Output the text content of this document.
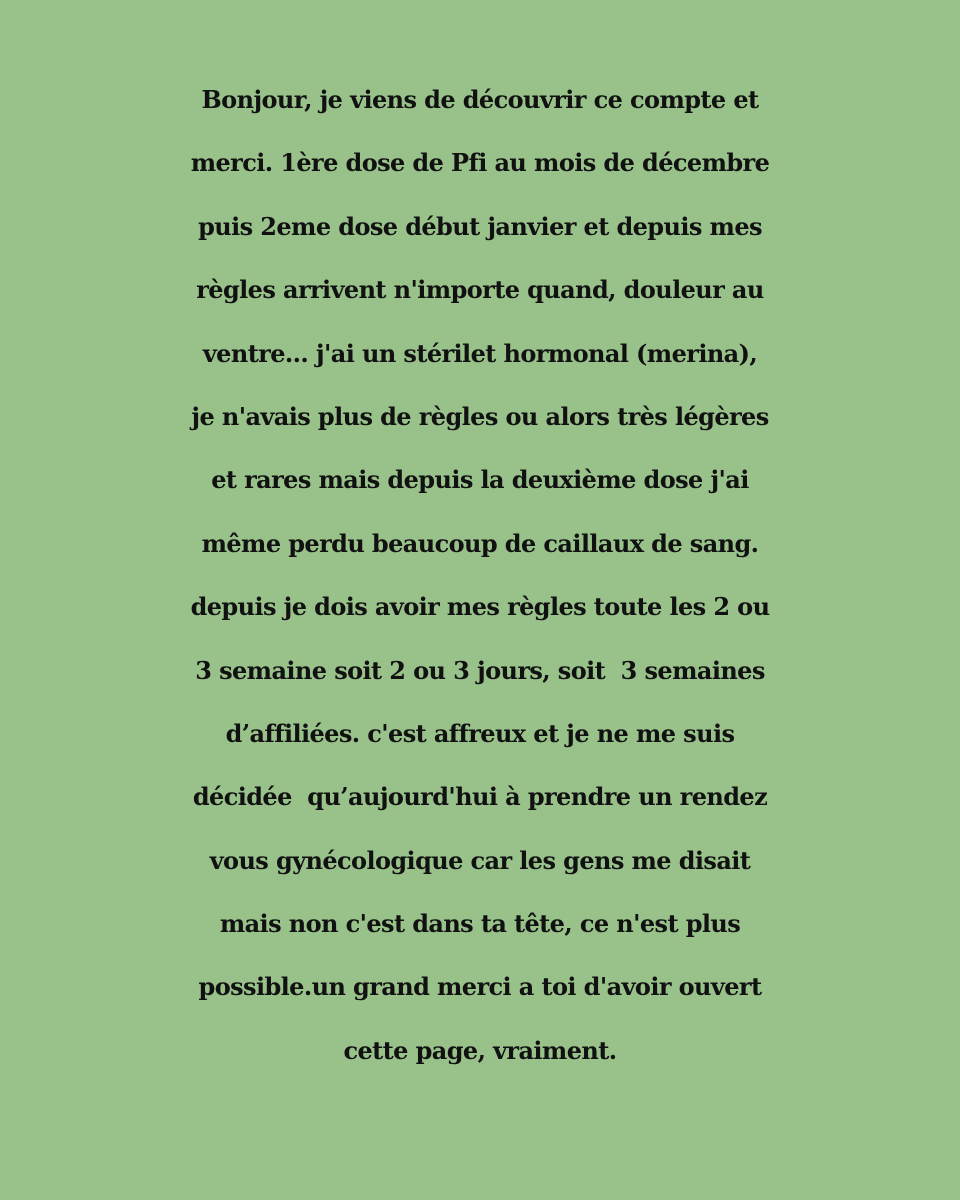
Bonjour, je viens de découvrir ce compte et
merci. 1ère dose de Pfi au mois de décembre
puis 2eme dose début janvier et depuis mes
règles arrivent n'importe quand, douleur au
ventre... j'ai un stérilet hormonal (merina),
je n'avais plus de règles ou alors très légères
et rares mais depuis la deuxième dose j'ai
même perdu beaucoup de caillaux de sang.
depuis je dois avoir mes règles toute les 2 ou
3 semaine soit 2 ou 3 jours, soit  3 semaines
d’affiliées. c'est affreux et je ne me suis
décidée  qu’aujourd'hui à prendre un rendez
vous gynécologique car les gens me disait
mais non c'est dans ta tête, ce n'est plus
possible.un grand merci a toi d'avoir ouvert
cette page, vraiment.
